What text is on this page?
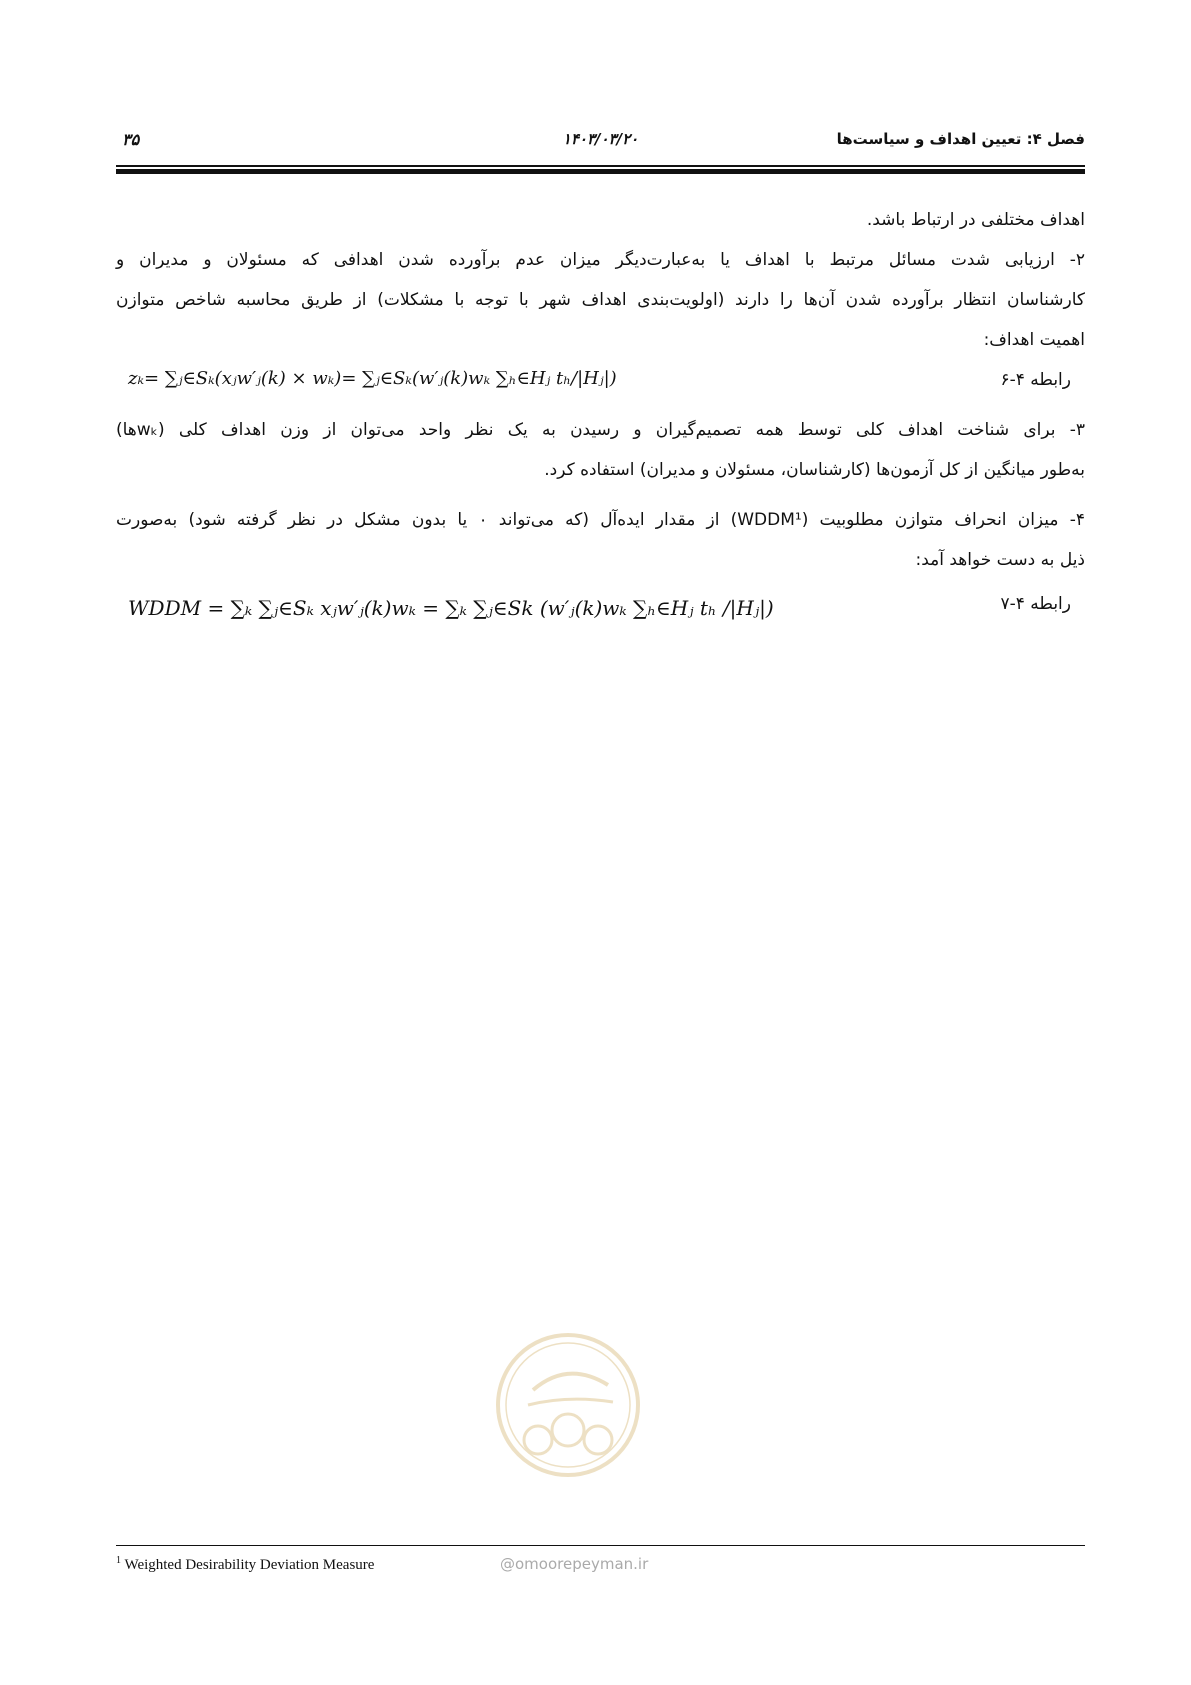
۳۵	۱۴۰۳/۰۳/۲۰	فصل ۴: تعیین اهداف و سیاست‌ها
اهداف مختلفی در ارتباط باشد.
۲- ارزیابی شدت مسائل مرتبط با اهداف یا به‌عبارت‌دیگر میزان عدم برآورده شدن اهدافی که مسئولان و مدیران و
کارشناسان انتظار برآورده شدن آن‌ها را دارند (اولویت‌بندی اهداف شهر با توجه با مشکلات) از طریق محاسبه شاخص متوازن
اهمیت اهداف:
zₖ= ∑ⱼ∈Sₖ(xⱼw′ⱼ(k) × wₖ)= ∑ⱼ∈Sₖ(w′ⱼ(k)wₖ ∑ₕ∈Hⱼ tₕ/|Hⱼ|)	رابطه ۴-۶
۳- برای شناخت اهداف کلی توسط همه تصمیم‌گیران و رسیدن به یک نظر واحد می‌توان از وزن اهداف کلی (wₖها)
به‌طور میانگین از کل آزمون‌ها (کارشناسان، مسئولان و مدیران) استفاده کرد.
۴- میزان انحراف متوازن مطلوبیت (WDDM¹) از مقدار ایده‌آل (که می‌تواند ۰ یا بدون مشکل در نظر گرفته شود) به‌صورت
ذیل به دست خواهد آمد:
WDDM = ∑ₖ ∑ⱼ∈Sₖ xⱼw′ⱼ(k)wₖ = ∑ₖ ∑ⱼ∈Sk (w′ⱼ(k)wₖ ∑ₕ∈Hⱼ tₕ /|Hⱼ|)	رابطه ۴-۷
$^1$ Weighted Desirability Deviation Measure	@omoorepeyman.ir
